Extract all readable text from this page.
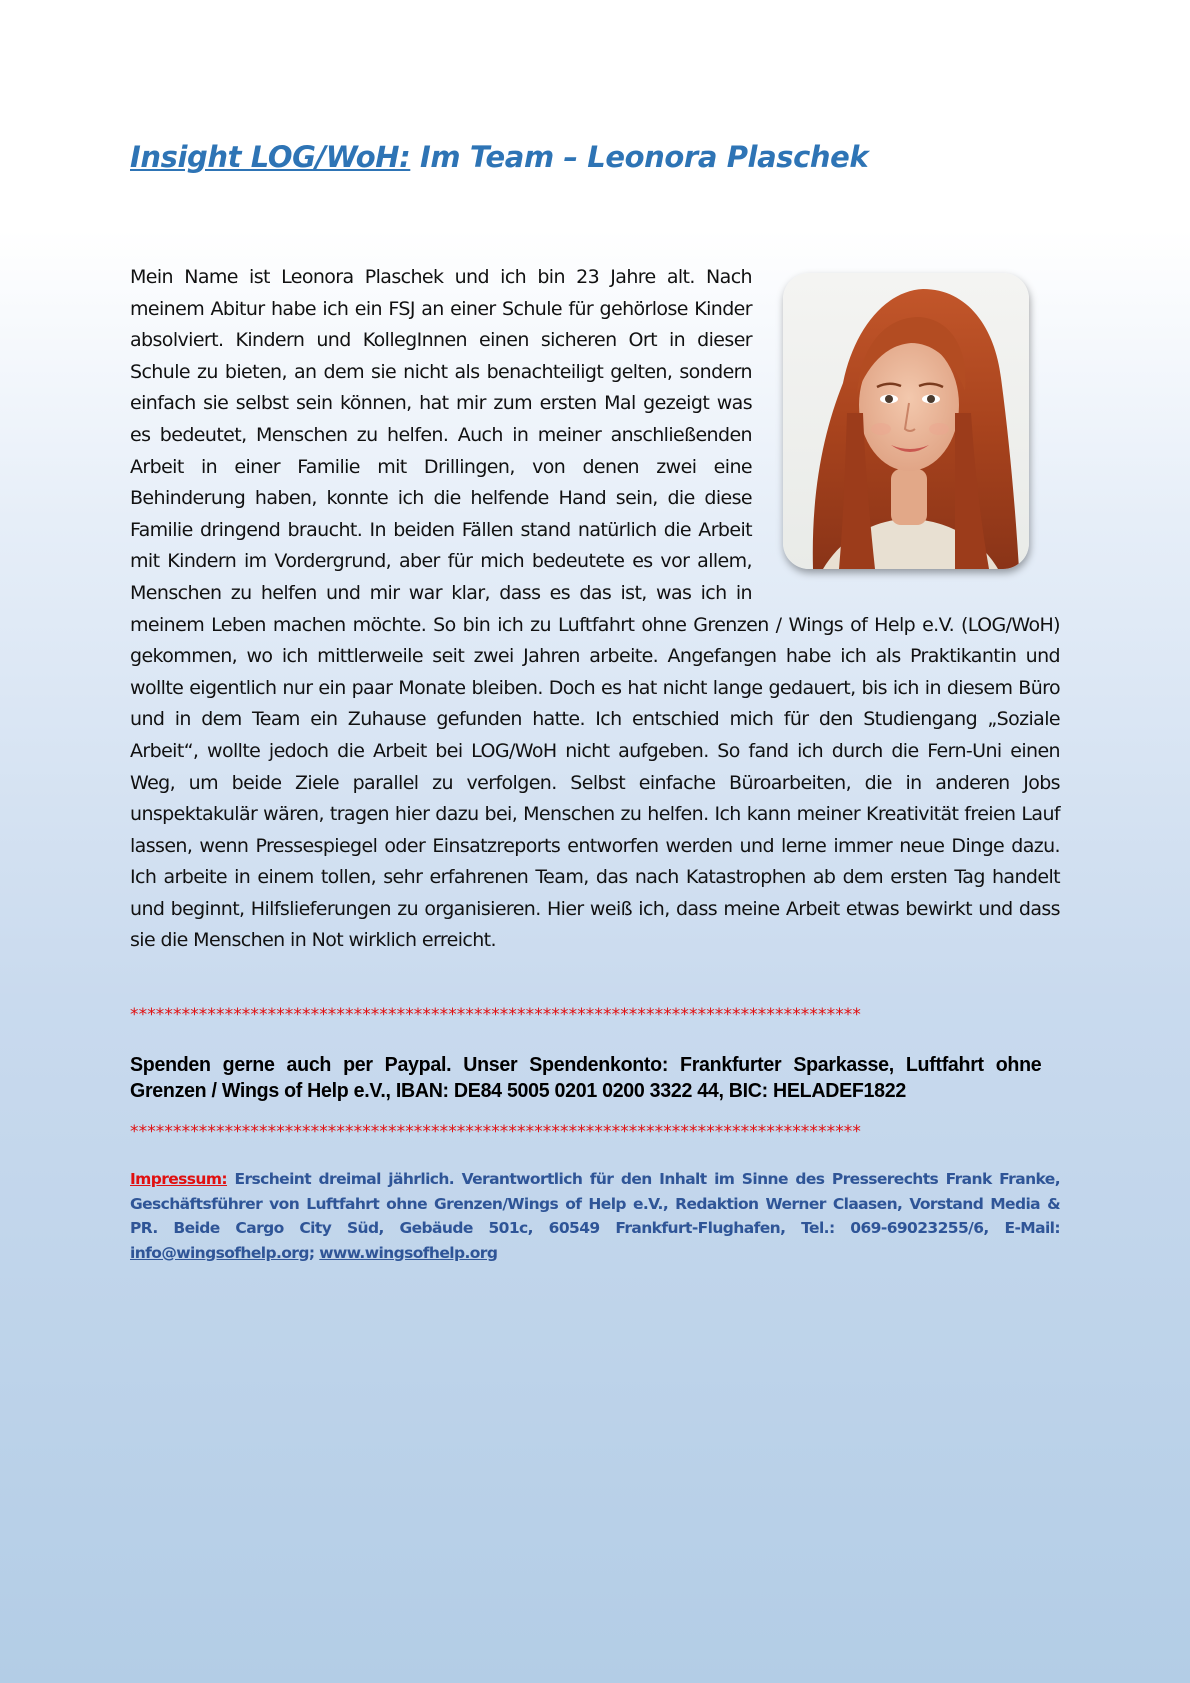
Insight LOG/WoH: Im Team – Leonora Plaschek

Mein Name ist Leonora Plaschek und ich bin 23 Jahre alt. Nach meinem Abitur habe ich ein FSJ an einer Schule für gehörlose Kinder absolviert. Kindern und KollegInnen einen sicheren Ort in dieser Schule zu bieten, an dem sie nicht als benachteiligt gelten, sondern einfach sie selbst sein können, hat mir zum ersten Mal gezeigt was es bedeutet, Menschen zu helfen. Auch in meiner anschließenden Arbeit in einer Familie mit Drillingen, von denen zwei eine Behinderung haben, konnte ich die helfende Hand sein, die diese Familie dringend braucht. In beiden Fällen stand natürlich die Arbeit mit Kindern im Vordergrund, aber für mich bedeutete es vor allem, Menschen zu helfen und mir war klar, dass es das ist, was ich in meinem Leben machen möchte. So bin ich zu Luftfahrt ohne Grenzen / Wings of Help e.V. (LOG/WoH) gekommen, wo ich mittlerweile seit zwei Jahren arbeite. Angefangen habe ich als Praktikantin und wollte eigentlich nur ein paar Monate bleiben. Doch es hat nicht lange gedauert, bis ich in diesem Büro und in dem Team ein Zuhause gefunden hatte. Ich entschied mich für den Studiengang „Soziale Arbeit“, wollte jedoch die Arbeit bei LOG/WoH nicht aufgeben. So fand ich durch die Fern-Uni einen Weg, um beide Ziele parallel zu verfolgen. Selbst einfache Büroarbeiten, die in anderen Jobs unspektakulär wären, tragen hier dazu bei, Menschen zu helfen. Ich kann meiner Kreativität freien Lauf lassen, wenn Pressespiegel oder Einsatzreports entworfen werden und lerne immer neue Dinge dazu. Ich arbeite in einem tollen, sehr erfahrenen Team, das nach Katastrophen ab dem ersten Tag handelt und beginnt, Hilfslieferungen zu organisieren. Hier weiß ich, dass meine Arbeit etwas bewirkt und dass sie die Menschen in Not wirklich erreicht.

*************************************************************************************

Spenden gerne auch per Paypal. Unser Spendenkonto: Frankfurter Sparkasse, Luftfahrt ohne Grenzen / Wings of Help e.V., IBAN: DE84 5005 0201 0200 3322 44, BIC: HELADEF1822

*************************************************************************************

Impressum: Erscheint dreimal jährlich. Verantwortlich für den Inhalt im Sinne des Presserechts Frank Franke, Geschäftsführer von Luftfahrt ohne Grenzen/Wings of Help e.V., Redaktion Werner Claasen, Vorstand Media & PR. Beide Cargo City Süd, Gebäude 501c, 60549 Frankfurt-Flughafen, Tel.: 069-69023255/6, E-Mail: info@wingsofhelp.org; www.wingsofhelp.org
